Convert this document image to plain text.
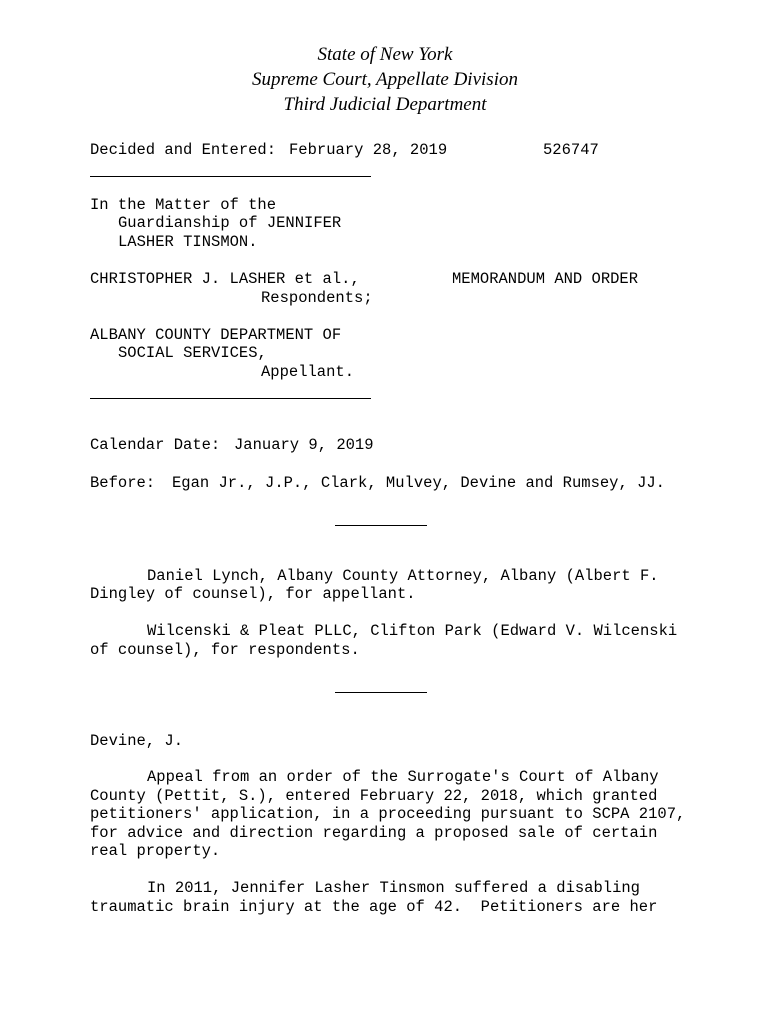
State of New York
Supreme Court, Appellate Division
Third Judicial Department
Decided and Entered: February 28, 2019	526747
In the Matter of the
Guardianship of JENNIFER
LASHER TINSMON.
CHRISTOPHER J. LASHER et al.,	MEMORANDUM AND ORDER
Respondents;
ALBANY COUNTY DEPARTMENT OF
SOCIAL SERVICES,
Appellant.
Calendar Date: January 9, 2019
Before: Egan Jr., J.P., Clark, Mulvey, Devine and Rumsey, JJ.
Daniel Lynch, Albany County Attorney, Albany (Albert F.
Dingley of counsel), for appellant.
Wilcenski & Pleat PLLC, Clifton Park (Edward V. Wilcenski
of counsel), for respondents.
Devine, J.
Appeal from an order of the Surrogate's Court of Albany
County (Pettit, S.), entered February 22, 2018, which granted
petitioners' application, in a proceeding pursuant to SCPA 2107,
for advice and direction regarding a proposed sale of certain
real property.
In 2011, Jennifer Lasher Tinsmon suffered a disabling
traumatic brain injury at the age of 42.  Petitioners are her
